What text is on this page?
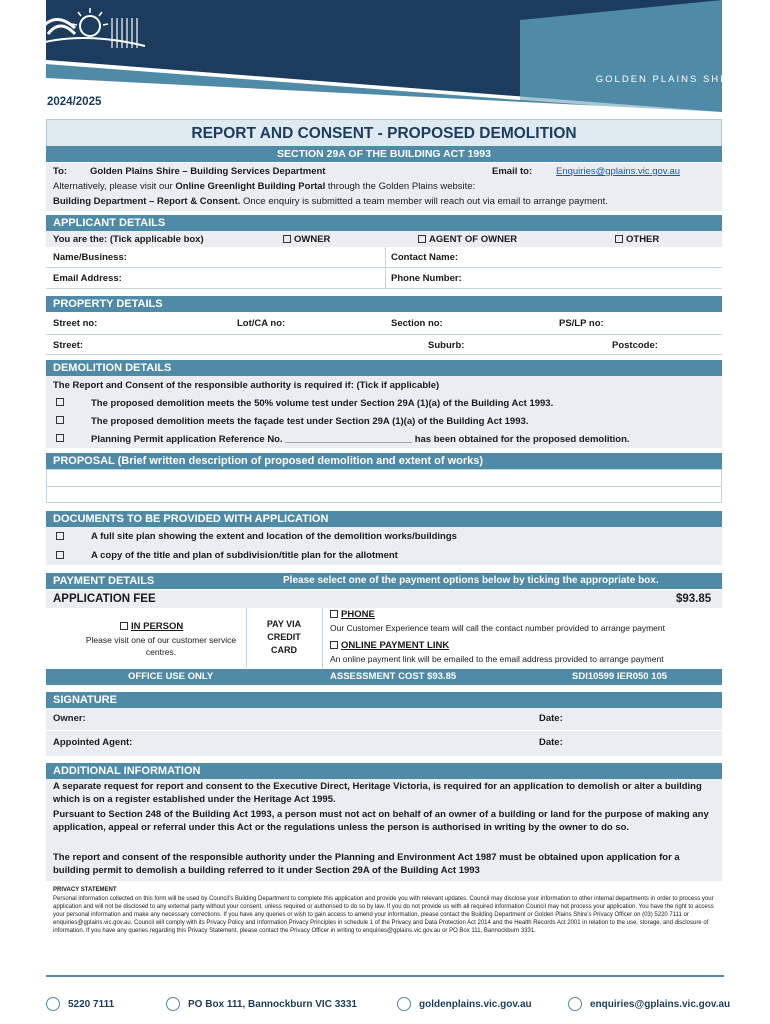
GOLDEN PLAINS SHIRE
2024/2025
REPORT AND CONSENT - PROPOSED DEMOLITION
SECTION 29A OF THE BUILDING ACT 1993
To: Golden Plains Shire – Building Services Department	Email to:	Enquiries@gplains.vic.gov.au
Alternatively, please visit our Online Greenlight Building Portal through the Golden Plains website:
Building Department – Report & Consent. Once enquiry is submitted a team member will reach out via email to arrange payment.
APPLICANT DETAILS
You are the: (Tick applicable box)	OWNER	AGENT OF OWNER	OTHER
Name/Business:	Contact Name:
Email Address:	Phone Number:
PROPERTY DETAILS
Street no:	Lot/CA no:	Section no:	PS/LP no:
Street:	Suburb:	Postcode:
DEMOLITION DETAILS
The Report and Consent of the responsible authority is required if: (Tick if applicable)
The proposed demolition meets the 50% volume test under Section 29A (1)(a) of the Building Act 1993.
The proposed demolition meets the façade test under Section 29A (1)(a) of the Building Act 1993.
Planning Permit application Reference No. ________________________ has been obtained for the proposed demolition.
PROPOSAL (Brief written description of proposed demolition and extent of works)
DOCUMENTS TO BE PROVIDED WITH APPLICATION
A full site plan showing the extent and location of the demolition works/buildings
A copy of the title and plan of subdivision/title plan for the allotment
PAYMENT DETAILS	Please select one of the payment options below by ticking the appropriate box.
APPLICATION FEE	$93.85
IN PERSON
Please visit one of our customer service centres.
PAY VIA
CREDIT
CARD
PHONE
Our Customer Experience team will call the contact number provided to arrange payment
ONLINE PAYMENT LINK
An online payment link will be emailed to the email address provided to arrange payment
OFFICE USE ONLY	ASSESSMENT COST $93.85	SDI10599 IER050 105
SIGNATURE
Owner:	Date:
Appointed Agent:	Date:
ADDITIONAL INFORMATION
A separate request for report and consent to the Executive Direct, Heritage Victoria, is required for an application to demolish or alter a building which is on a register established under the Heritage Act 1995.
Pursuant to Section 248 of the Building Act 1993, a person must not act on behalf of an owner of a building or land for the purpose of making any application, appeal or referral under this Act or the regulations unless the person is authorised in writing by the owner to do so.
The report and consent of the responsible authority under the Planning and Environment Act 1987 must be obtained upon application for a building permit to demolish a building referred to it under Section 29A of the Building Act 1993
PRIVACY STATEMENT
Personal information collected on this form will be used by Council’s Building Department to complete this application and provide you with relevant updates. Council may disclose your information to other internal departments in order to process your application and will not be disclosed to any external party without your consent, unless required or authorised to do so by law. If you do not provide us with all required information Council may not process your application. You have the right to access your personal information and make any necessary corrections. If you have any queries or wish to gain access to amend your information, please contact the Building Department or Golden Plains Shire’s Privacy Officer on (03) 5220 7111 or enquiries@gplains.vic.gov.au. Council will comply with its Privacy Policy and Information Privacy Principles in schedule 1 of the Privacy and Data Protection Act 2014 and the Health Records Act 2001 in relation to the use, storage, and disclosure of information. If you have any queries regarding this Privacy Statement, please contact the Privacy Officer in writing to enquiries@gplains.vic.gov.au or PO Box 111, Bannockburn 3331.
5220 7111	PO Box 111, Bannockburn VIC 3331	goldenplains.vic.gov.au	enquiries@gplains.vic.gov.au
